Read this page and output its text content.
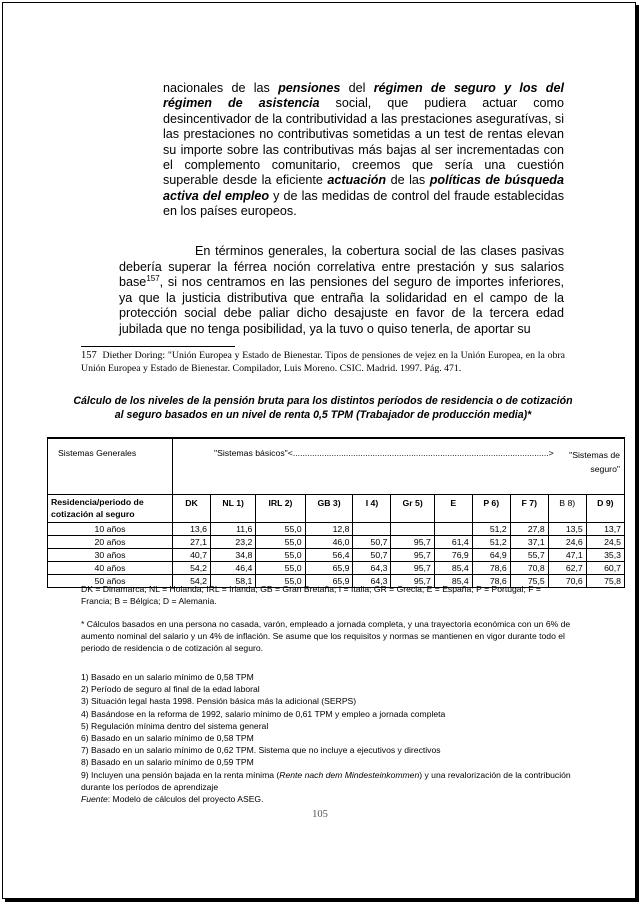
nacionales de las pensiones del régimen de seguro y los del régimen de asistencia social, que pudiera actuar como desincentivador de la contributividad a las prestaciones aseguratívas, si las prestaciones no contributivas sometidas a un test de rentas elevan su importe sobre las contributivas más bajas al ser incrementadas con el complemento comunitario, creemos que sería una cuestión superable desde la eficiente actuación de las políticas de búsqueda activa del empleo y de las medidas de control del fraude establecidas en los países europeos.
En términos generales, la cobertura social de las clases pasivas debería superar la férrea noción correlativa entre prestación y sus salarios base$^{157}$, si nos centramos en las pensiones del seguro de importes inferiores, ya que la justicia distributiva que entraña la solidaridad en el campo de la protección social debe paliar dicho desajuste en favor de la tercera edad jubilada que no tenga posibilidad, ya la tuvo o quiso tenerla, de aportar su
157 Diether Doring: "Unión Europea y Estado de Bienestar. Tipos de pensiones de vejez en la Unión Europea, en la obra Unión Europea y Estado de Bienestar. Compilador, Luis Moreno. CSIC. Madrid. 1997. Pág. 471.
Cálculo de los niveles de la pensión bruta para los distintos períodos de residencia o de cotización al seguro basados en un nivel de renta 0,5 TPM (Trabajador de producción media)*
Sistemas Generales	"Sistemas básicos"<..........................................................................................................> "Sistemas de seguro"										

Residencia/periodo de cotización al seguro	DK	NL 1)	IRL 2)	GB 3)	I 4)	Gr 5)	E	P 6)	F 7)	B 8)	D 9)
10 años	13,6	11,6	55,0	12,8				51,2	27,8	13,5	13,7
20 años	27,1	23,2	55,0	46,0	50,7	95,7	61,4	51,2	37,1	24,6	24,5
30 años	40,7	34,8	55,0	56,4	50,7	95,7	76,9	64,9	55,7	47,1	35,3
40 años	54,2	46,4	55,0	65,9	64,3	95,7	85,4	78,6	70,8	62,7	60,7
50 años	54,2	58,1	55,0	65,9	64,3	95,7	85,4	78,6	75,5	70,6	75,8
DK = Dinamarca; NL = Holanda; IRL = Irlanda; GB = Gran Bretaña; I = Italia; GR = Grecia; E = España; P = Portugal; F = Francia; B = Bélgica; D = Alemania.
* Cálculos basados en una persona no casada, varón, empleado a jornada completa, y una trayectoria económica con un 6% de aumento nominal del salario y un 4% de inflación. Se asume que los requisitos y normas se mantienen en vigor durante todo el periodo de residencia o de cotización al seguro.
1) Basado en un salario mínimo de 0,58 TPM
2) Período de seguro al final de la edad laboral
3) Situación legal hasta 1998. Pensión básica más la adicional (SERPS)
4) Basándose en la reforma de 1992, salario mínimo de 0,61 TPM y empleo a jornada completa
5) Regulación mínima dentro del sistema general
6) Basado en un salario mínimo de 0,58 TPM
7) Basado en un salario mínimo de 0,62 TPM. Sistema que no incluye a ejecutivos y directivos
8) Basado en un salario mínimo de 0,59 TPM
9) Incluyen una pensión bajada en la renta mínima (Rente nach dem Mindesteinkommen) y una revalorización de la contribución durante los períodos de aprendizaje
Fuente: Modelo de cálculos del proyecto ASEG.
105
